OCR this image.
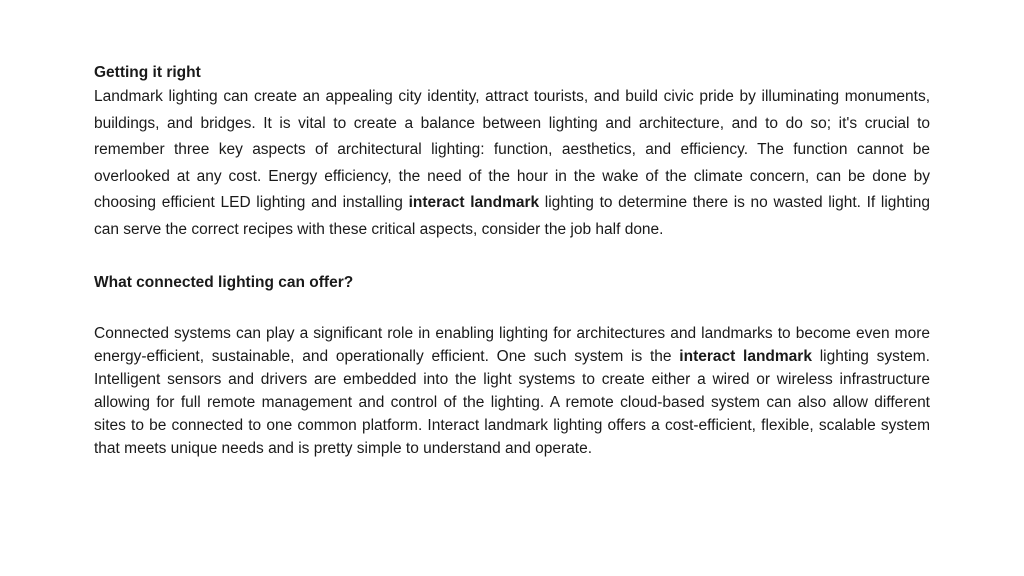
Getting it right

Landmark lighting can create an appealing city identity, attract tourists, and build civic pride by illuminating monuments, buildings, and bridges. It is vital to create a balance between lighting and architecture, and to do so; it's crucial to remember three key aspects of architectural lighting: function, aesthetics, and efficiency. The function cannot be overlooked at any cost. Energy efficiency, the need of the hour in the wake of the climate concern, can be done by choosing efficient LED lighting and installing interact landmark lighting to determine there is no wasted light. If lighting can serve the correct recipes with these critical aspects, consider the job half done.

What connected lighting can offer?

Connected systems can play a significant role in enabling lighting for architectures and landmarks to become even more energy-efficient, sustainable, and operationally efficient. One such system is the interact landmark lighting system. Intelligent sensors and drivers are embedded into the light systems to create either a wired or wireless infrastructure allowing for full remote management and control of the lighting. A remote cloud-based system can also allow different sites to be connected to one common platform. Interact landmark lighting offers a cost-efficient, flexible, scalable system that meets unique needs and is pretty simple to understand and operate.
